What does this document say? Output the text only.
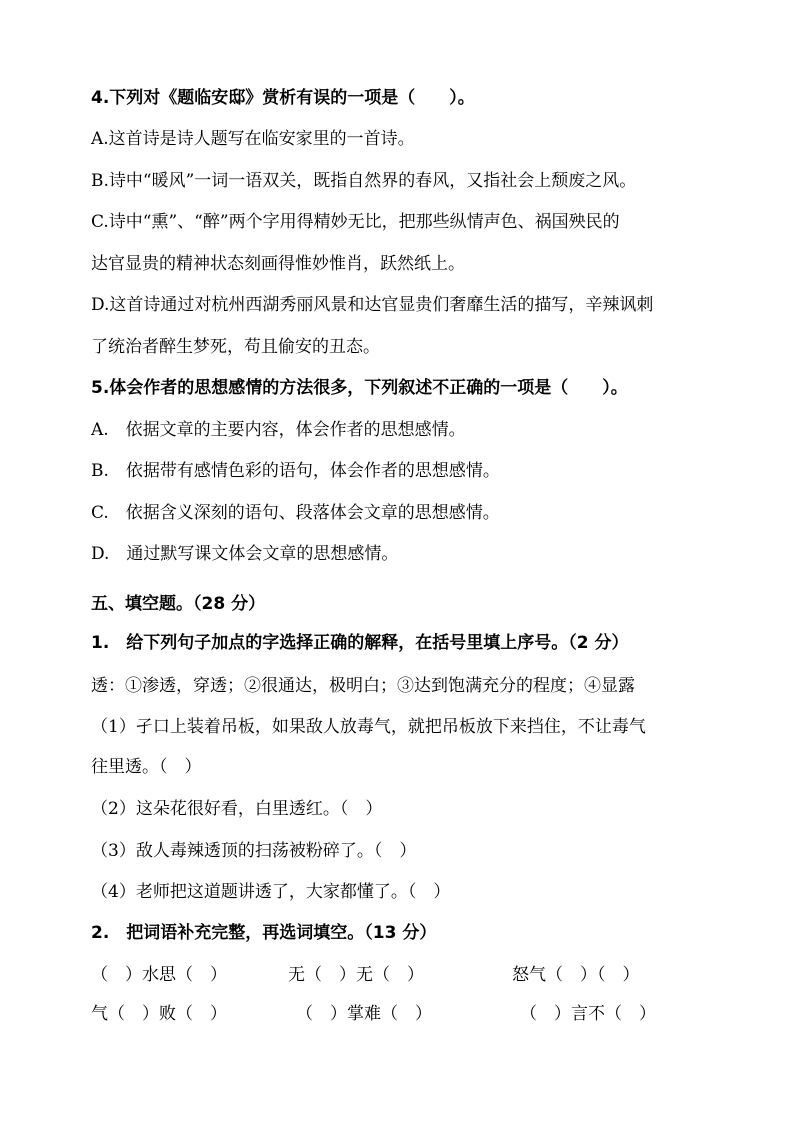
4.下列对《题临安邸》赏析有误的一项是（　　）。
A.这首诗是诗人题写在临安家里的一首诗。
B.诗中“暖风”一词一语双关，既指自然界的春风，又指社会上颓废之风。
C.诗中“熏”、“醉”两个字用得精妙无比，把那些纵情声色、祸国殃民的
达官显贵的精神状态刻画得惟妙惟肖，跃然纸上。
D.这首诗通过对杭州西湖秀丽风景和达官显贵们奢靡生活的描写，辛辣讽刺
了统治者醉生梦死，苟且偷安的丑态。
5.体会作者的思想感情的方法很多，下列叙述不正确的一项是（　　）。
A.　依据文章的主要内容，体会作者的思想感情。
B.　依据带有感情色彩的语句，体会作者的思想感情。
C.　依据含义深刻的语句、段落体会文章的思想感情。
D.　通过默写课文体会文章的思想感情。
五、填空题。（28 分）
1.　给下列句子加点的字选择正确的解释，在括号里填上序号。（2 分）
透：①渗透，穿透；②很通达，极明白；③达到饱满充分的程度；④显露
（1）孑口上装着吊板，如果敌人放毒气，就把吊板放下来挡住，不让毒气
往里透。（　）
（2）这朵花很好看，白里透红。（　）
（3）敌人毒辣透顶的扫荡被粉碎了。（　）
（4）老师把这道题讲透了，大家都懂了。（　）
2.　把词语补充完整，再选词填空。（13 分）
（　）水思（　）	无（　）无（　）	怒气（　）（　）
气（　）败（　）	（　）掌难（　）	（　）言不（　）
